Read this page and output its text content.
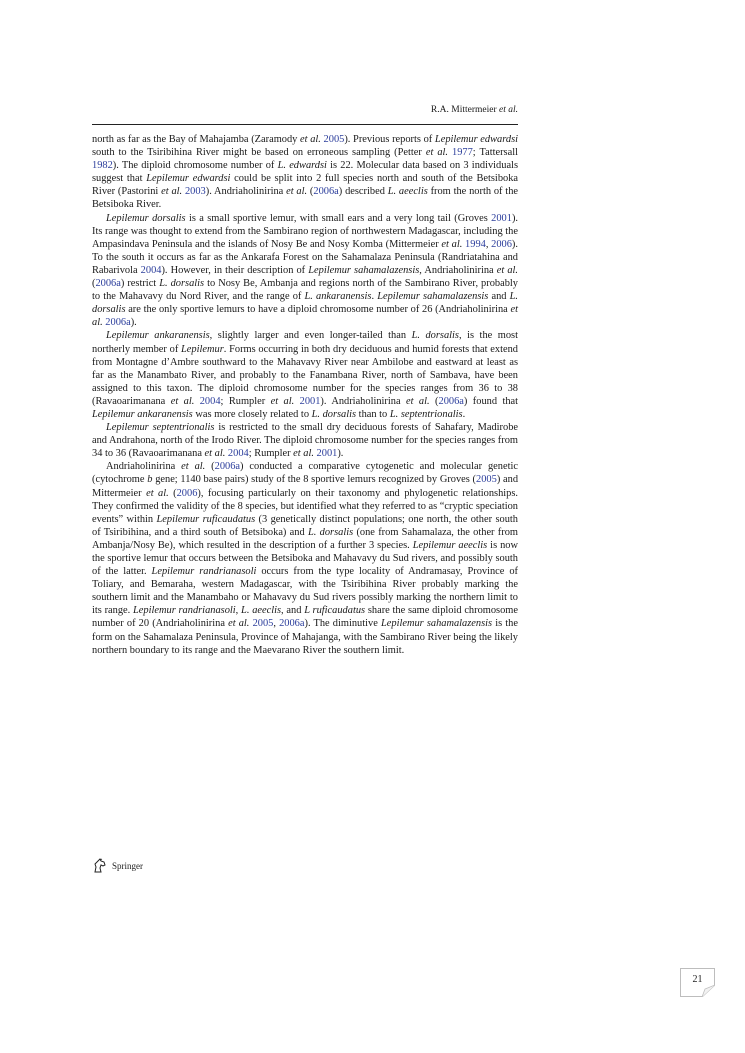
R.A. Mittermeier et al.

north as far as the Bay of Mahajamba (Zaramody et al. 2005). Previous reports of Lepilemur edwardsi south to the Tsiribihina River might be based on erroneous sampling (Petter et al. 1977; Tattersall 1982). The diploid chromosome number of L. edwardsi is 22. Molecular data based on 3 individuals suggest that Lepilemur edwardsi could be split into 2 full species north and south of the Betsiboka River (Pastorini et al. 2003). Andriaholinirina et al. (2006a) described L. aeeclis from the north of the Betsiboka River.

Lepilemur dorsalis is a small sportive lemur, with small ears and a very long tail (Groves 2001). Its range was thought to extend from the Sambirano region of northwestern Madagascar, including the Ampasindava Peninsula and the islands of Nosy Be and Nosy Komba (Mittermeier et al. 1994, 2006). To the south it occurs as far as the Ankarafa Forest on the Sahamalaza Peninsula (Randriatahina and Rabarivola 2004). However, in their description of Lepilemur sahamalazensis, Andriaholinirina et al. (2006a) restrict L. dorsalis to Nosy Be, Ambanja and regions north of the Sambirano River, probably to the Mahavavy du Nord River, and the range of L. ankaranensis. Lepilemur sahamalazensis and L. dorsalis are the only sportive lemurs to have a diploid chromosome number of 26 (Andriaholinirina et al. 2006a).

Lepilemur ankaranensis, slightly larger and even longer-tailed than L. dorsalis, is the most northerly member of Lepilemur. Forms occurring in both dry deciduous and humid forests that extend from Montagne d’Ambre southward to the Mahavavy River near Ambilobe and eastward at least as far as the Manambato River, and probably to the Fanambana River, north of Sambava, have been assigned to this taxon. The diploid chromosome number for the species ranges from 36 to 38 (Ravaoarimanana et al. 2004; Rumpler et al. 2001). Andriaholinirina et al. (2006a) found that Lepilemur ankaranensis was more closely related to L. dorsalis than to L. septentrionalis.

Lepilemur septentrionalis is restricted to the small dry deciduous forests of Sahafary, Madirobe and Andrahona, north of the Irodo River. The diploid chromosome number for the species ranges from 34 to 36 (Ravaoarimanana et al. 2004; Rumpler et al. 2001).

Andriaholinirina et al. (2006a) conducted a comparative cytogenetic and molecular genetic (cytochrome b gene; 1140 base pairs) study of the 8 sportive lemurs recognized by Groves (2005) and Mittermeier et al. (2006), focusing particularly on their taxonomy and phylogenetic relationships. They confirmed the validity of the 8 species, but identified what they referred to as “cryptic speciation events” within Lepilemur ruficaudatus (3 genetically distinct populations; one north, the other south of Tsiribihina, and a third south of Betsiboka) and L. dorsalis (one from Sahamalaza, the other from Ambanja/Nosy Be), which resulted in the description of a further 3 species. Lepilemur aeeclis is now the sportive lemur that occurs between the Betsiboka and Mahavavy du Sud rivers, and possibly south of the latter. Lepilemur randrianasoli occurs from the type locality of Andramasay, Province of Toliary, and Bemaraha, western Madagascar, with the Tsiribihina River probably marking the southern limit and the Manambaho or Mahavavy du Sud rivers possibly marking the northern limit to its range. Lepilemur randrianasoli, L. aeeclis, and L ruficaudatus share the same diploid chromosome number of 20 (Andriaholinirina et al. 2005, 2006a). The diminutive Lepilemur sahamalazensis is the form on the Sahamalaza Peninsula, Province of Mahajanga, with the Sambirano River being the likely northern boundary to its range and the Maevarano River the southern limit.

Springer
21
